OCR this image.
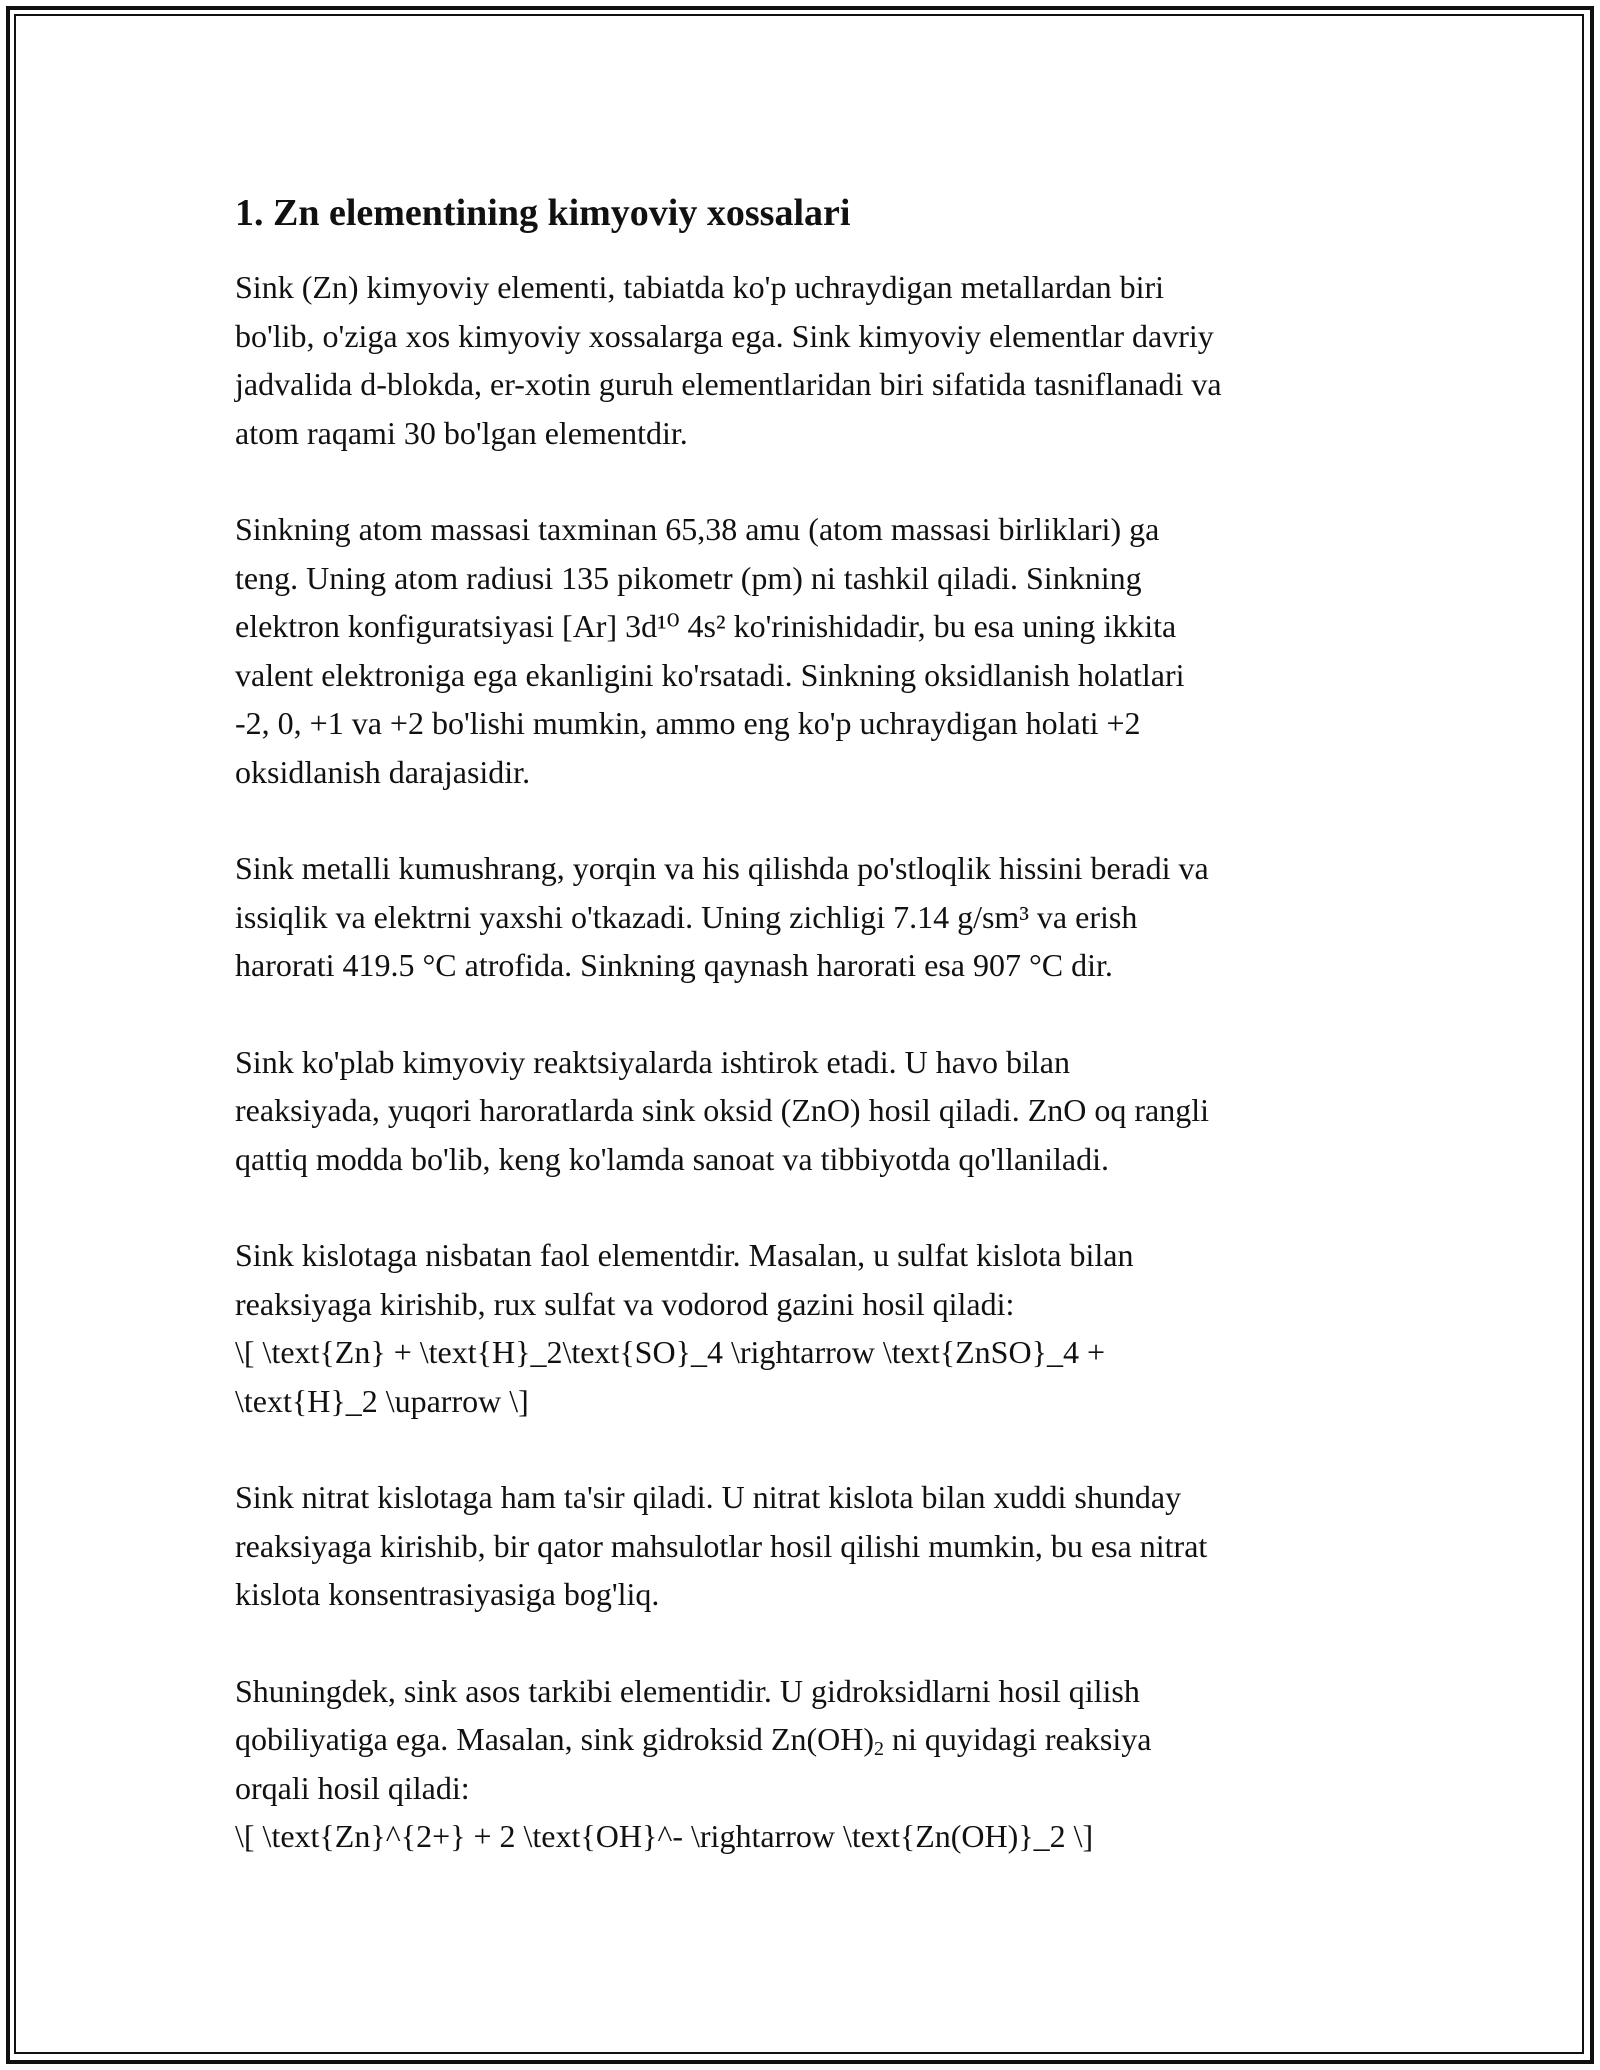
1. Zn elementining kimyoviy xossalari

Sink (Zn) kimyoviy elementi, tabiatda ko'p uchraydigan metallardan biri
bo'lib, o'ziga xos kimyoviy xossalarga ega. Sink kimyoviy elementlar davriy
jadvalida d-blokda, er-xotin guruh elementlaridan biri sifatida tasniflanadi va
atom raqami 30 bo'lgan elementdir.

Sinkning atom massasi taxminan 65,38 amu (atom massasi birliklari) ga
teng. Uning atom radiusi 135 pikometr (pm) ni tashkil qiladi. Sinkning
elektron konfiguratsiyasi [Ar] 3d¹⁰ 4s² ko'rinishidadir, bu esa uning ikkita
valent elektroniga ega ekanligini ko'rsatadi. Sinkning oksidlanish holatlari
-2, 0, +1 va +2 bo'lishi mumkin, ammo eng ko'p uchraydigan holati +2
oksidlanish darajasidir.

Sink metalli kumushrang, yorqin va his qilishda po'stloqlik hissini beradi va
issiqlik va elektrni yaxshi o'tkazadi. Uning zichligi 7.14 g/sm³ va erish
harorati 419.5 °C atrofida. Sinkning qaynash harorati esa 907 °C dir.

Sink ko'plab kimyoviy reaktsiyalarda ishtirok etadi. U havo bilan
reaksiyada, yuqori haroratlarda sink oksid (ZnO) hosil qiladi. ZnO oq rangli
qattiq modda bo'lib, keng ko'lamda sanoat va tibbiyotda qo'llaniladi.

Sink kislotaga nisbatan faol elementdir. Masalan, u sulfat kislota bilan
reaksiyaga kirishib, rux sulfat va vodorod gazini hosil qiladi:
\[ \text{Zn} + \text{H}_2\text{SO}_4 \rightarrow \text{ZnSO}_4 +
\text{H}_2 \uparrow \]

Sink nitrat kislotaga ham ta'sir qiladi. U nitrat kislota bilan xuddi shunday
reaksiyaga kirishib, bir qator mahsulotlar hosil qilishi mumkin, bu esa nitrat
kislota konsentrasiyasiga bog'liq.

Shuningdek, sink asos tarkibi elementidir. U gidroksidlarni hosil qilish
qobiliyatiga ega. Masalan, sink gidroksid $Zn(OH)_2$ ni quyidagi reaksiya
orqali hosil qiladi:
\[ \text{Zn}^{2+} + 2 \text{OH}^- \rightarrow \text{Zn(OH)}_2 \]
